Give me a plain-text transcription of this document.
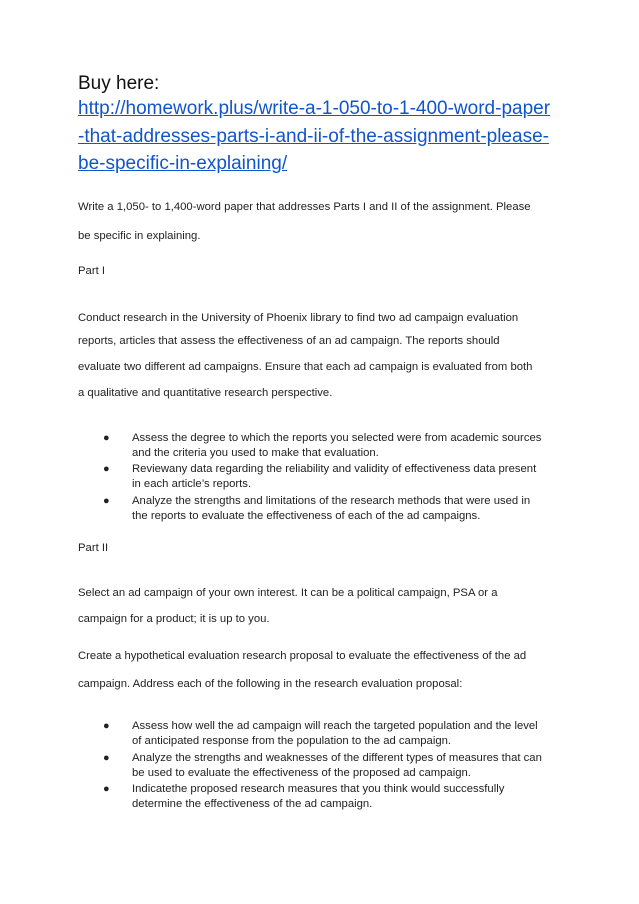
Buy here:
http://homework.plus/write-a-1-050-to-1-400-word-paper
-that-addresses-parts-i-and-ii-of-the-assignment-please-
be-specific-in-explaining/
Write a 1,050- to 1,400-word paper that addresses Parts I and II of the assignment. Please
be specific in explaining.
Part I
Conduct research in the University of Phoenix library to find two ad campaign evaluation
reports, articles that assess the effectiveness of an ad campaign. The reports should
evaluate two different ad campaigns. Ensure that each ad campaign is evaluated from both
a qualitative and quantitative research perspective.
● Assess the degree to which the reports you selected were from academic sources
and the criteria you used to make that evaluation.
● Reviewany data regarding the reliability and validity of effectiveness data present
in each article’s reports.
● Analyze the strengths and limitations of the research methods that were used in
the reports to evaluate the effectiveness of each of the ad campaigns.
Part II
Select an ad campaign of your own interest. It can be a political campaign, PSA or a
campaign for a product; it is up to you.
Create a hypothetical evaluation research proposal to evaluate the effectiveness of the ad
campaign. Address each of the following in the research evaluation proposal:
● Assess how well the ad campaign will reach the targeted population and the level
of anticipated response from the population to the ad campaign.
● Analyze the strengths and weaknesses of the different types of measures that can
be used to evaluate the effectiveness of the proposed ad campaign.
● Indicatethe proposed research measures that you think would successfully
determine the effectiveness of the ad campaign.
